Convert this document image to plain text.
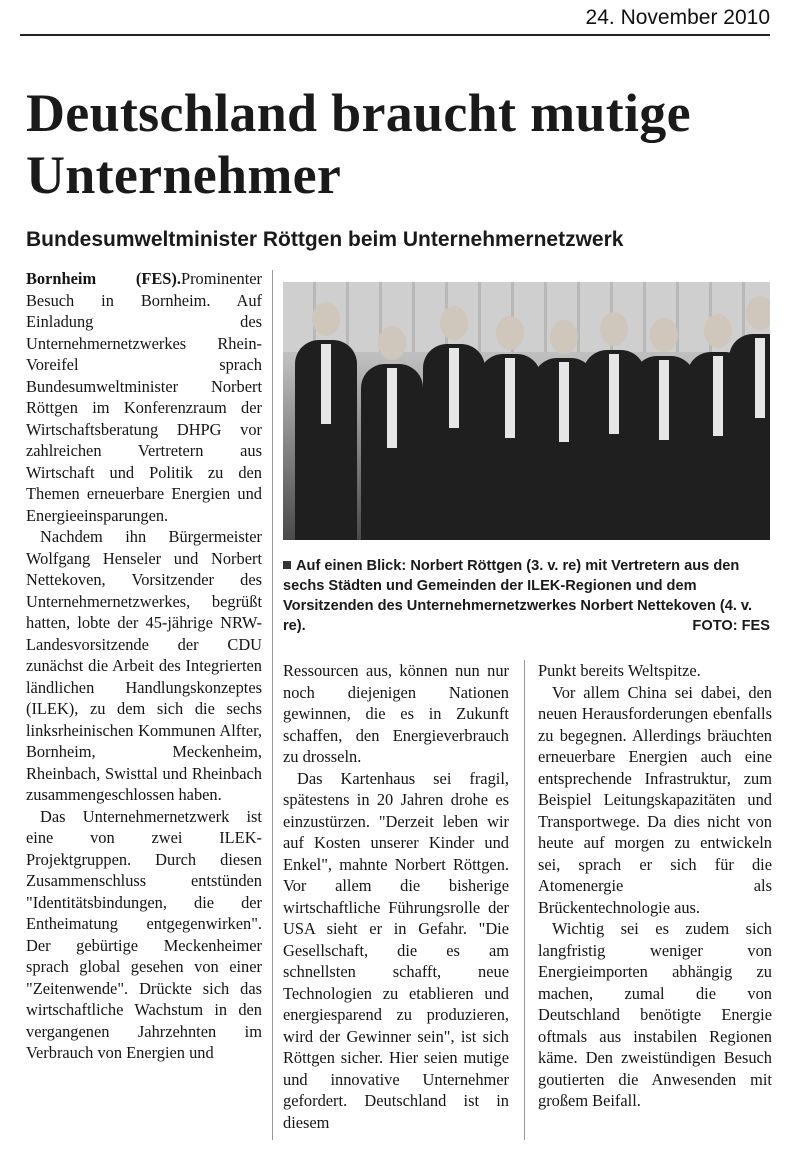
24. November 2010
Deutschland braucht mutige Unternehmer
Bundesumweltminister Röttgen beim Unternehmernetzwerk

Bornheim (FES).Prominenter Besuch in Bornheim. Auf Einladung des Unternehmernetzwerkes Rhein-Voreifel sprach Bundesumweltminister Norbert Röttgen im Konferenzraum der Wirtschaftsberatung DHPG vor zahlreichen Vertretern aus Wirtschaft und Politik zu den Themen erneuerbare Energien und Energieeinsparungen.

Nachdem ihn Bürgermeister Wolfgang Henseler und Norbert Nettekoven, Vorsitzender des Unternehmernetzwerkes, begrüßt hatten, lobte der 45-jährige NRW-Landesvorsitzende der CDU zunächst die Arbeit des Integrierten ländlichen Handlungskonzeptes (ILEK), zu dem sich die sechs linksrheinischen Kommunen Alfter, Bornheim, Meckenheim, Rheinbach, Swisttal und Rheinbach zusammengeschlossen haben.

Das Unternehmernetzwerk ist eine von zwei ILEK-Projektgruppen. Durch diesen Zusammenschluss entstünden "Identitätsbindungen, die der Entheimatung entgegenwirken". Der gebürtige Meckenheimer sprach global gesehen von einer "Zeitenwende". Drückte sich das wirtschaftliche Wachstum in den vergangenen Jahrzehnten im Verbrauch von Energien und

Auf einen Blick: Norbert Röttgen (3. v. re) mit Vertretern aus den sechs Städten und Gemeinden der ILEK-Regionen und dem Vorsitzenden des Unternehmernetzwerkes Norbert Nettekoven (4. v. re).	FOTO: FES

Ressourcen aus, können nun nur noch diejenigen Nationen gewinnen, die es in Zukunft schaffen, den Energieverbrauch zu drosseln.

Das Kartenhaus sei fragil, spätestens in 20 Jahren drohe es einzustürzen. "Derzeit leben wir auf Kosten unserer Kinder und Enkel", mahnte Norbert Röttgen. Vor allem die bisherige wirtschaftliche Führungsrolle der USA sieht er in Gefahr. "Die Gesellschaft, die es am schnellsten schafft, neue Technologien zu etablieren und energiesparend zu produzieren, wird der Gewinner sein", ist sich Röttgen sicher. Hier seien mutige und innovative Unternehmer gefordert. Deutschland ist in diesem

Punkt bereits Weltspitze.

Vor allem China sei dabei, den neuen Herausforderungen ebenfalls zu begegnen. Allerdings bräuchten erneuerbare Energien auch eine entsprechende Infrastruktur, zum Beispiel Leitungskapazitäten und Transportwege. Da dies nicht von heute auf morgen zu entwickeln sei, sprach er sich für die Atomenergie als Brückentechnologie aus.

Wichtig sei es zudem sich langfristig weniger von Energieimporten abhängig zu machen, zumal die von Deutschland benötigte Energie oftmals aus instabilen Regionen käme. Den zweistündigen Besuch goutierten die Anwesenden mit großem Beifall.
